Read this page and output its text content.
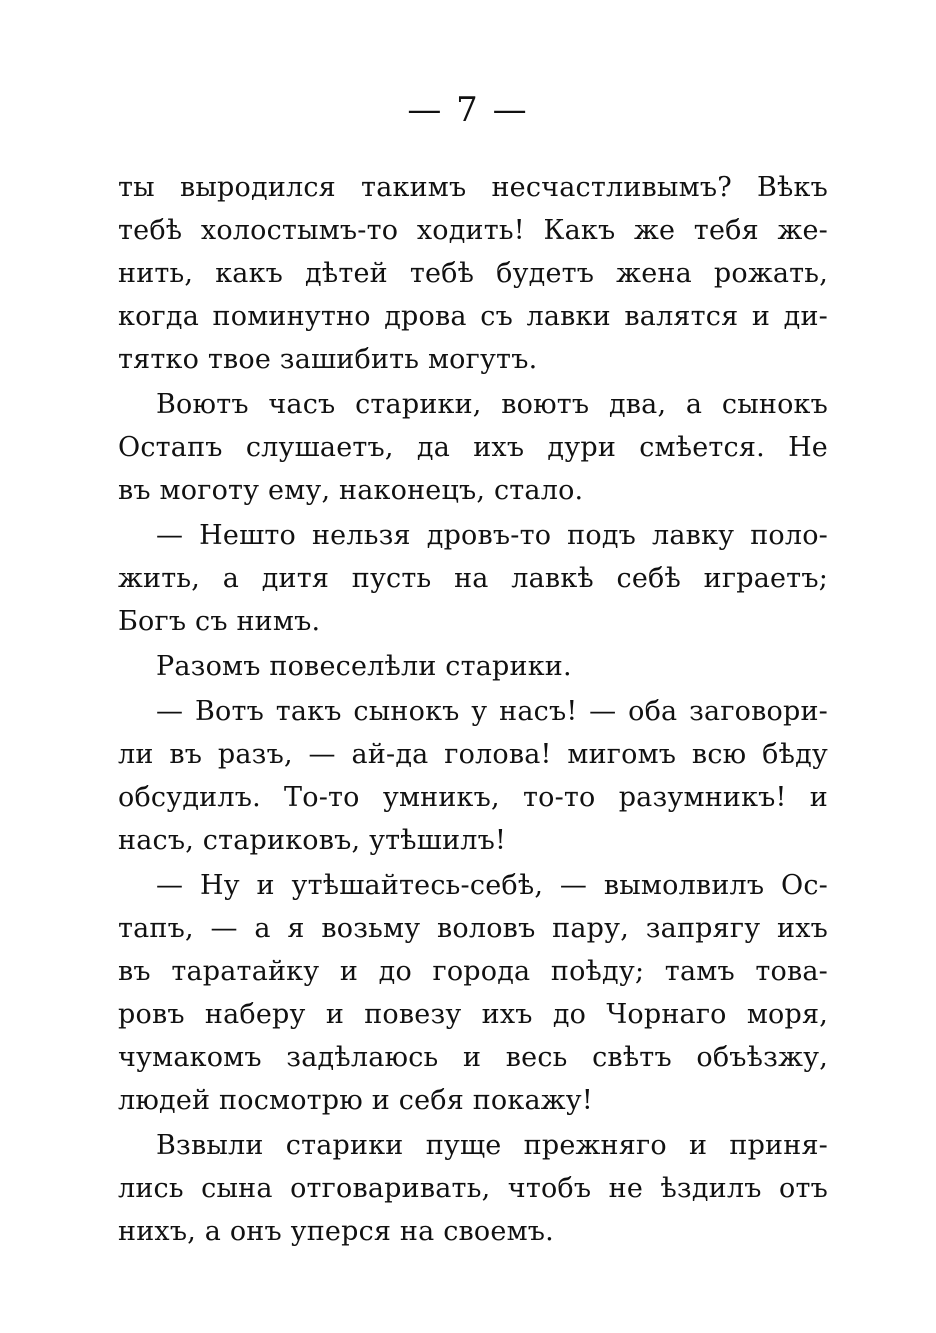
— 7 —
ты выродился такимъ несчастливымъ? Вѣкъ
тебѣ холостымъ-то ходить! Какъ же тебя же-
нить, какъ дѣтей тебѣ будетъ жена рожать,
когда поминутно дрова съ лавки валятся и ди-
тятко твое зашибить могутъ.
Воютъ часъ старики, воютъ два, а сынокъ
Остапъ слушаетъ, да ихъ дури смѣется. Не
въ моготу ему, наконецъ, стало.
— Нешто нельзя дровъ-то подъ лавку поло-
жить, а дитя пусть на лавкѣ себѣ играетъ;
Богъ съ нимъ.
Разомъ повеселѣли старики.
— Вотъ такъ сынокъ у насъ! — оба заговори-
ли въ разъ, — ай-да голова! мигомъ всю бѣду
обсудилъ. То-то умникъ, то-то разумникъ! и
насъ, стариковъ, утѣшилъ!
— Ну и утѣшайтесь-себѣ, — вымолвилъ Ос-
тапъ, — а я возьму воловъ пару, запрягу ихъ
въ таратайку и до города поѣду; тамъ това-
ровъ наберу и повезу ихъ до Чорнаго моря,
чумакомъ задѣлаюсь и весь свѣтъ объѣзжу,
людей посмотрю и себя покажу!
Взвыли старики пуще прежняго и приня-
лись сына отговаривать, чтобъ не ѣздилъ отъ
нихъ, а онъ уперся на своемъ.
